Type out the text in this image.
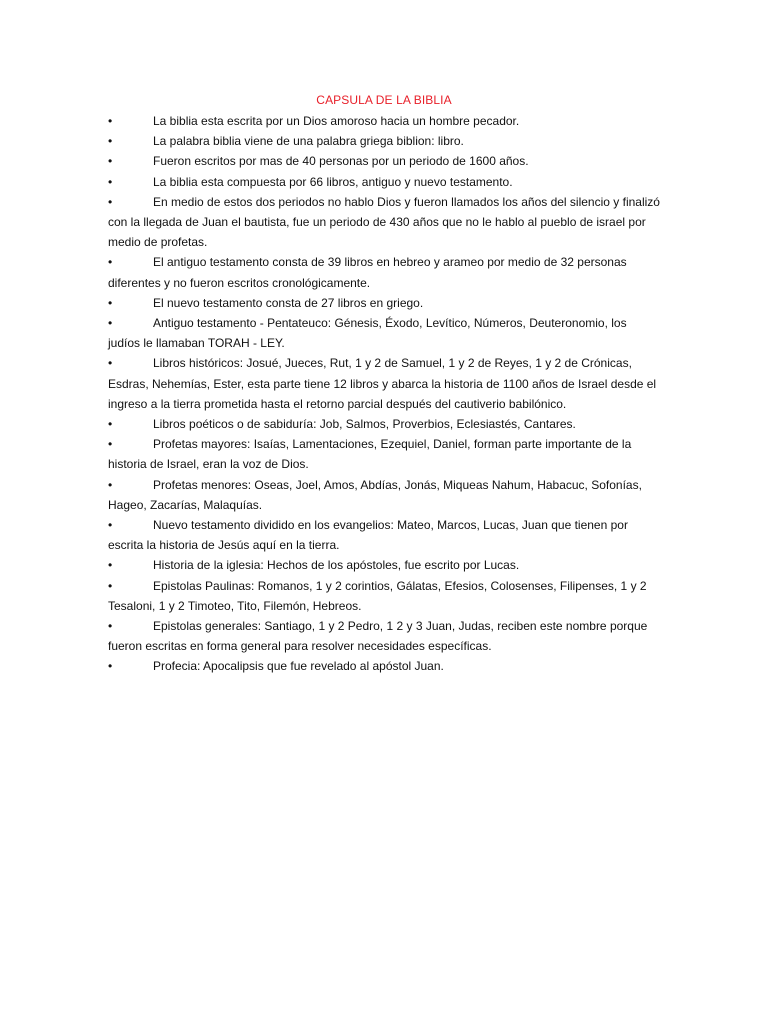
CAPSULA DE LA BIBLIA
•	La biblia esta escrita por un Dios amoroso hacia un hombre pecador.
•	La palabra biblia viene de una palabra griega biblion: libro.
•	Fueron escritos por mas de 40 personas por un periodo de 1600 años.
•	La biblia esta compuesta por 66 libros, antiguo y nuevo testamento.
•	En medio de estos dos periodos no hablo Dios y fueron llamados los años del silencio y finalizó con la llegada de Juan el bautista, fue un periodo de 430 años que no le hablo al pueblo de israel por medio de profetas.
•	El antiguo testamento consta de 39 libros en hebreo y arameo por medio de 32 personas diferentes y no fueron escritos cronológicamente.
•	El nuevo testamento consta de 27 libros en griego.
•	Antiguo testamento - Pentateuco: Génesis, Éxodo, Levítico, Números, Deuteronomio, los judíos le llamaban TORAH - LEY.
•	Libros históricos: Josué, Jueces, Rut, 1 y 2 de Samuel, 1 y 2 de Reyes, 1 y 2 de Crónicas, Esdras, Nehemías, Ester, esta parte tiene 12 libros y abarca la historia de 1100 años de Israel desde el ingreso a la tierra prometida hasta el retorno parcial después del cautiverio babilónico.
•	Libros poéticos o de sabiduría: Job, Salmos, Proverbios, Eclesiastés, Cantares.
•	Profetas mayores: Isaías, Lamentaciones, Ezequiel, Daniel, forman parte importante de la historia de Israel, eran la voz de Dios.
•	Profetas menores: Oseas, Joel, Amos, Abdías, Jonás, Miqueas Nahum, Habacuc, Sofonías, Hageo, Zacarías, Malaquías.
•	Nuevo testamento dividido en los evangelios: Mateo, Marcos, Lucas, Juan que tienen por escrita la historia de Jesús aquí en la tierra.
•	Historia de la iglesia: Hechos de los apóstoles, fue escrito por Lucas.
•	Epistolas Paulinas: Romanos, 1 y 2 corintios, Gálatas, Efesios, Colosenses, Filipenses, 1 y 2 Tesaloni, 1 y 2 Timoteo, Tito, Filemón, Hebreos.
•	Epistolas generales: Santiago, 1 y 2 Pedro, 1 2 y 3 Juan, Judas, reciben este nombre porque fueron escritas en forma general para resolver necesidades específicas.
•	Profecia: Apocalipsis que fue revelado al apóstol Juan.
